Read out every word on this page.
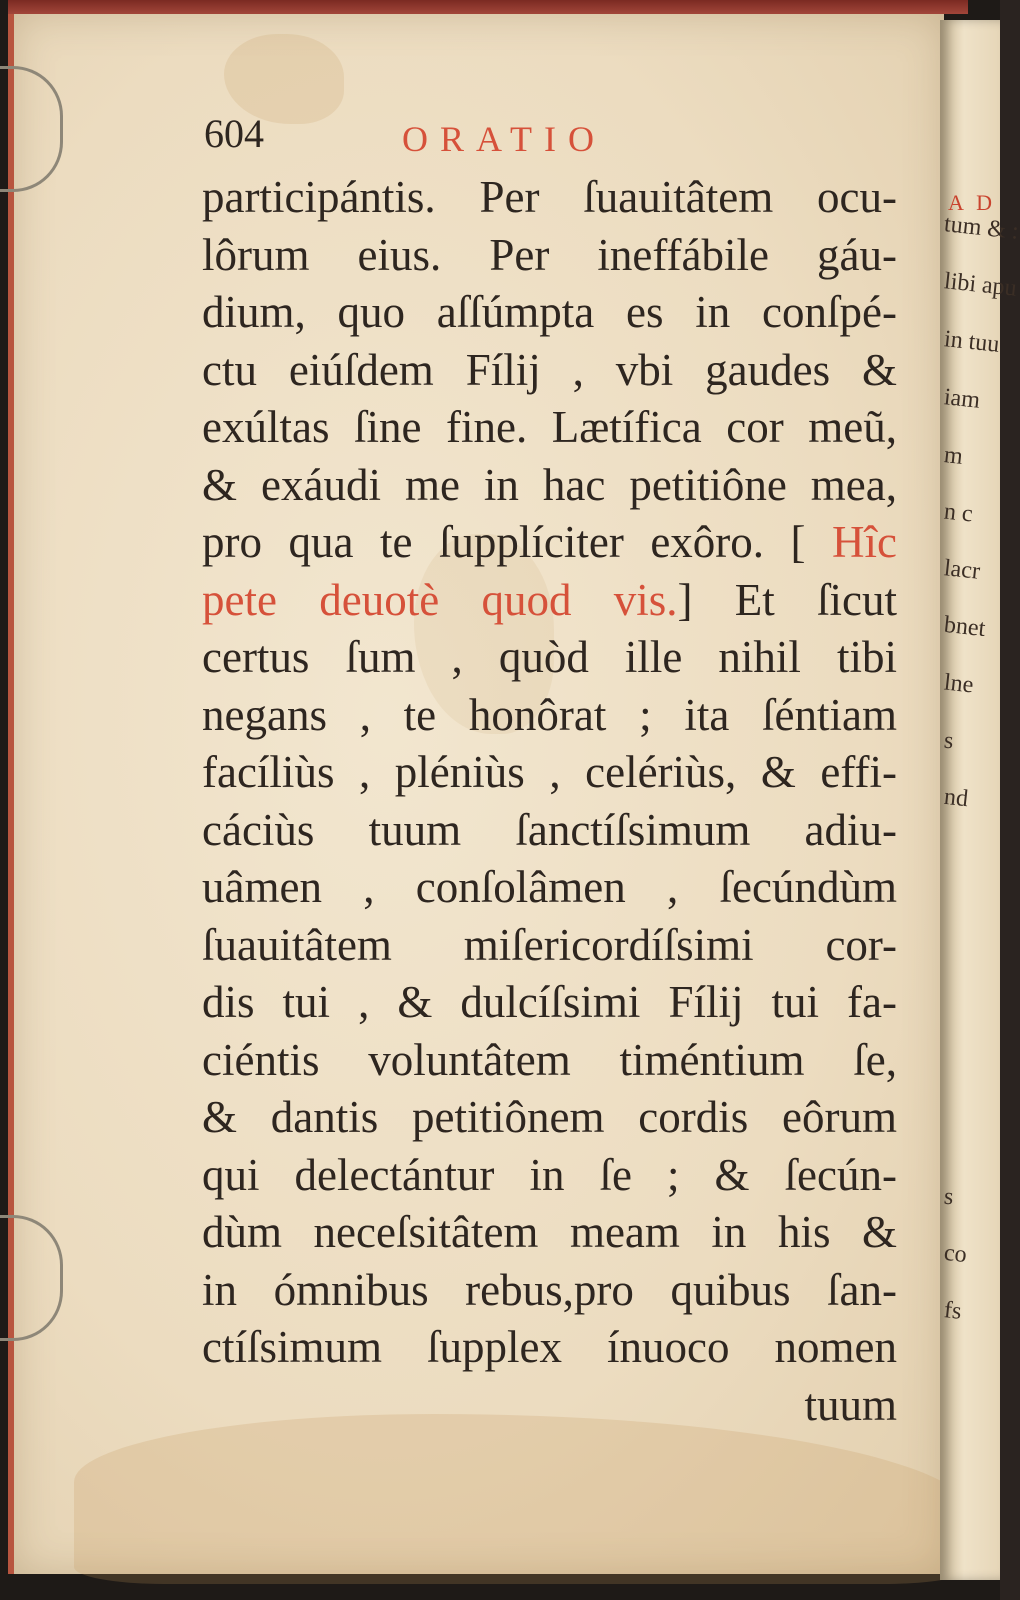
604	ORATIO
participántis. Per ſuauitâtem ocu-
lôrum eius. Per ineffábile gáu-
dium, quo aſſúmpta es in conſpé-
ctu eiúſdem Fílij , vbi gaudes &
exúltas ſine fine. Lætífica cor meũ,
& exáudi me in hac petitiône mea,
pro qua te ſupplíciter exôro. [ Hîc
pete deuotè quod vis.] Et ſicut
certus ſum , quòd ille nihil tibi
negans , te honôrat ; ita ſéntiam
facíliùs , pléniùs , celériùs, & effi-
cáciùs tuum ſanctíſsimum adiu-
uâmen , conſolâmen , ſecúndùm
ſuauitâtem miſericordíſsimi cor-
dis tui , & dulcíſsimi Fílij tui fa-
ciéntis voluntâtem timéntium ſe,
& dantis petitiônem cordis eôrum
qui delectántur in ſe ; & ſecún-
dùm neceſsitâtem meam in his &
in ómnibus rebus,pro quibus ſan-
ctíſsimum ſupplex ínuoco nomen
tuum
A D
tum & :
libi apu
in tuu
iam
m
n c
lacr
bnet
lne
s
nd
s
co
fs
